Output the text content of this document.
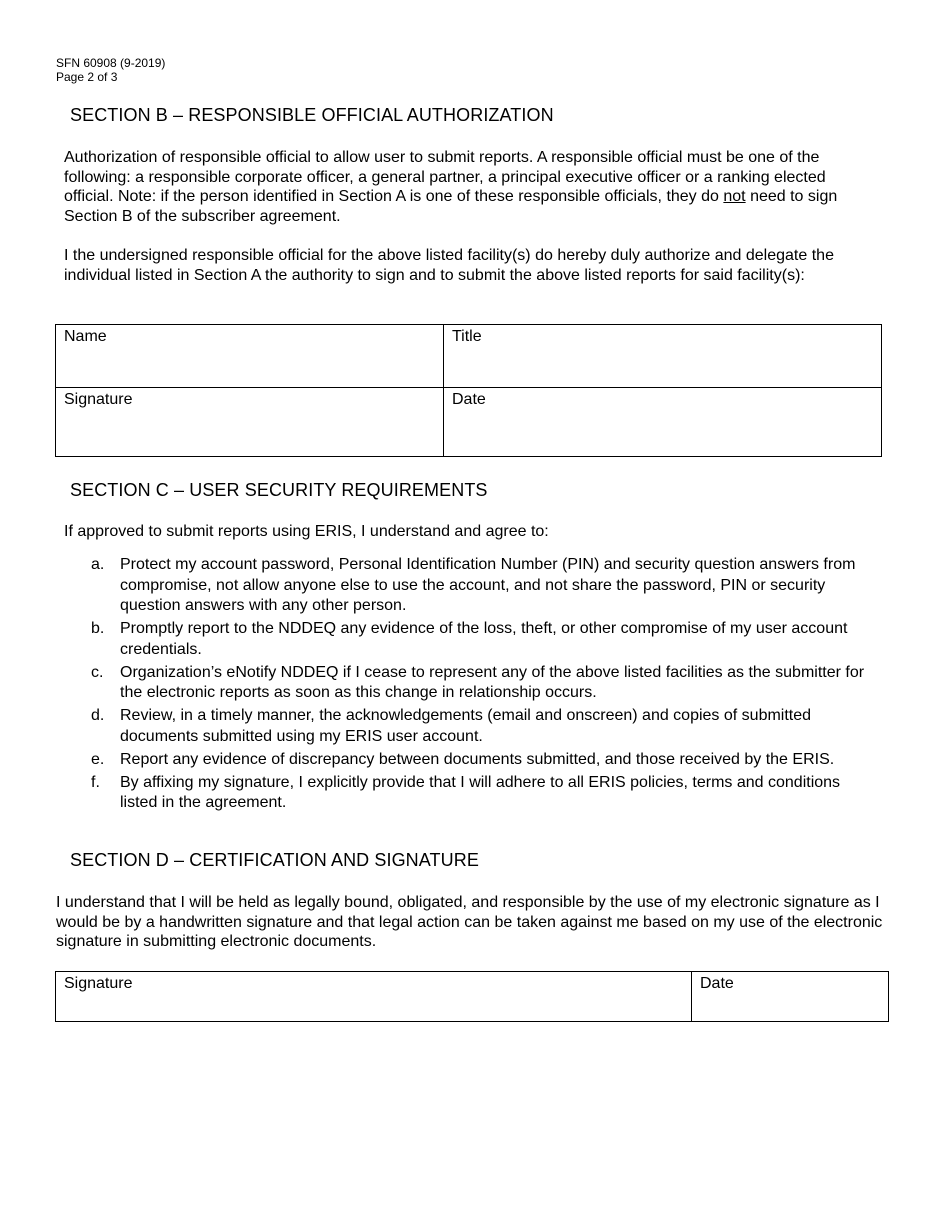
SFN 60908 (9-2019)
Page 2 of 3
SECTION B – RESPONSIBLE OFFICIAL AUTHORIZATION
Authorization of responsible official to allow user to submit reports. A responsible official must be one of the following: a responsible corporate officer, a general partner, a principal executive officer or a ranking elected official. Note: if the person identified in Section A is one of these responsible officials, they do not need to sign Section B of the subscriber agreement.
I the undersigned responsible official for the above listed facility(s) do hereby duly authorize and delegate the individual listed in Section A the authority to sign and to submit the above listed reports for said facility(s):
Name	Title
Signature	Date
SECTION C – USER SECURITY REQUIREMENTS
If approved to submit reports using ERIS, I understand and agree to:
a. Protect my account password, Personal Identification Number (PIN) and security question answers from compromise, not allow anyone else to use the account, and not share the password, PIN or security question answers with any other person.
b. Promptly report to the NDDEQ any evidence of the loss, theft, or other compromise of my user account credentials.
c. Organization’s eNotify NDDEQ if I cease to represent any of the above listed facilities as the submitter for the electronic reports as soon as this change in relationship occurs.
d. Review, in a timely manner, the acknowledgements (email and onscreen) and copies of submitted documents submitted using my ERIS user account.
e. Report any evidence of discrepancy between documents submitted, and those received by the ERIS.
f. By affixing my signature, I explicitly provide that I will adhere to all ERIS policies, terms and conditions listed in the agreement.
SECTION D – CERTIFICATION AND SIGNATURE
I understand that I will be held as legally bound, obligated, and responsible by the use of my electronic signature as I would be by a handwritten signature and that legal action can be taken against me based on my use of the electronic signature in submitting electronic documents.
Signature	Date
